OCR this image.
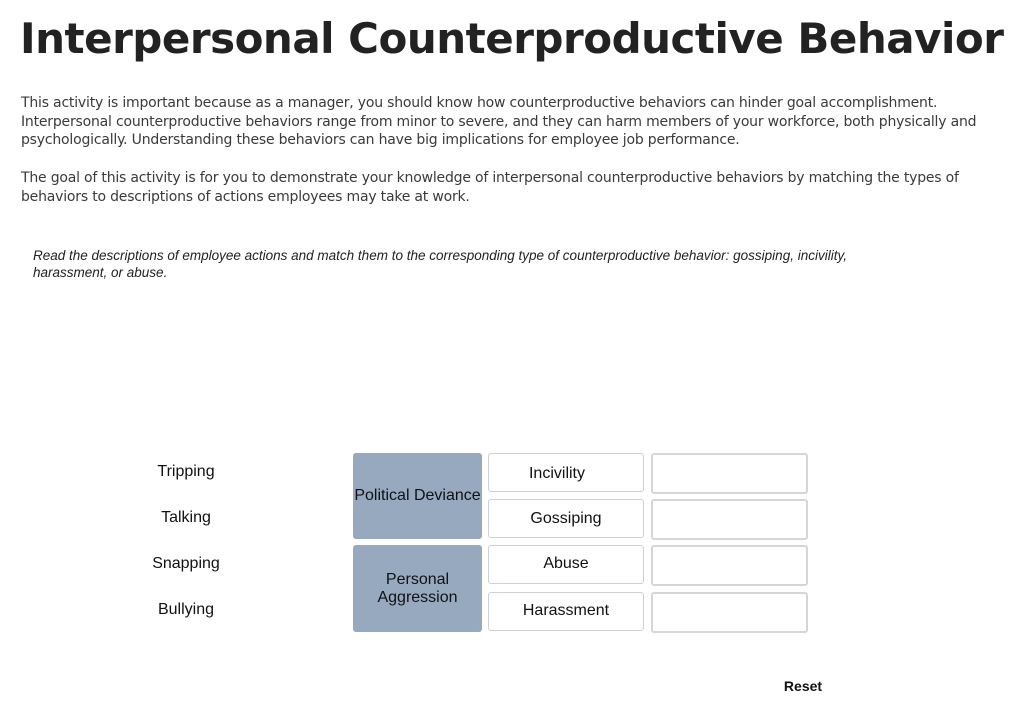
Interpersonal Counterproductive Behavior

This activity is important because as a manager, you should know how counterproductive behaviors can hinder goal accomplishment. Interpersonal counterproductive behaviors range from minor to severe, and they can harm members of your workforce, both physically and psychologically. Understanding these behaviors can have big implications for employee job performance.

The goal of this activity is for you to demonstrate your knowledge of interpersonal counterproductive behaviors by matching the types of behaviors to descriptions of actions employees may take at work.

Read the descriptions of employee actions and match them to the corresponding type of counterproductive behavior: gossiping, incivility, harassment, or abuse.

Tripping
Talking
Snapping
Bullying
Political Deviance
Personal Aggression
Incivility
Gossiping
Abuse
Harassment
Reset
